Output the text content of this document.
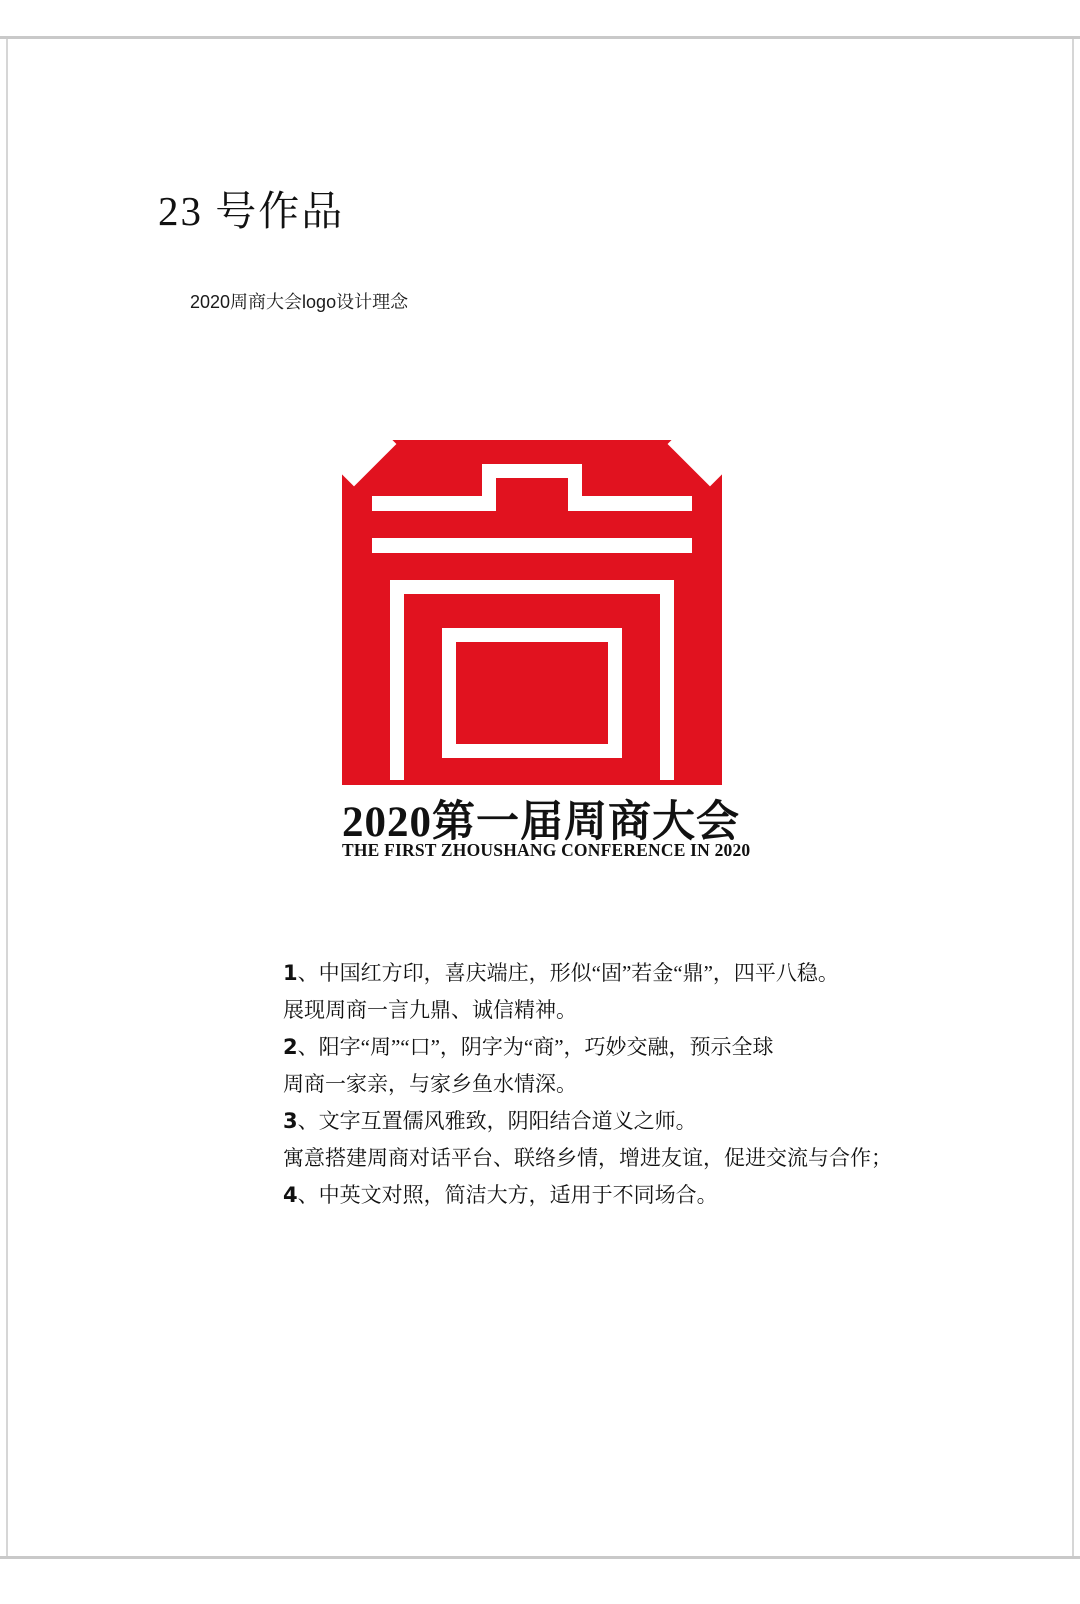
23 号作品
2020周商大会logo设计理念
2020第一届周商大会
THE FIRST ZHOUSHANG CONFERENCE IN 2020
1、中国红方印，喜庆端庄，形似“固”若金“鼎”，四平八稳。
展现周商一言九鼎、诚信精神。
2、阳字“周”“口”，阴字为“商”，巧妙交融，预示全球
周商一家亲，与家乡鱼水情深。
3、文字互置儒风雅致，阴阳结合道义之师。
寓意搭建周商对话平台、联络乡情，增进友谊，促进交流与合作；
4、中英文对照，简洁大方，适用于不同场合。
